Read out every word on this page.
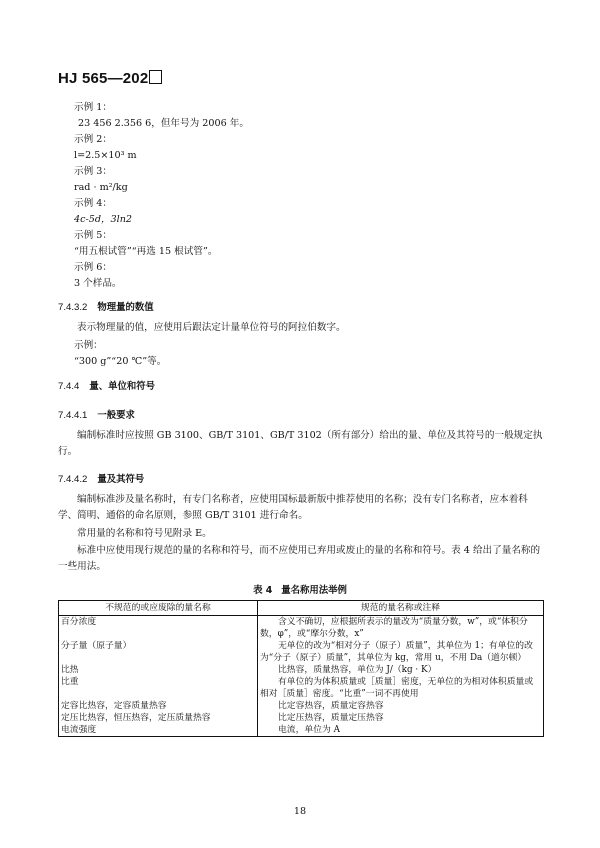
HJ 565—202
示例 1：
23 456 2.356 6，但年号为 2006 年。
示例 2：
l=2.5×10³ m
示例 3：
rad · m²/kg
示例 4：
4c-5d，3ln2
示例 5：
“用五根试管”“再选 15 根试管”。
示例 6：
3 个样品。
7.4.3.2 物理量的数值
表示物理量的值，应使用后跟法定计量单位符号的阿拉伯数字。
示例：
“300 g”“20 ℃”等。
7.4.4 量、单位和符号
7.4.4.1 一般要求
编制标准时应按照 GB 3100、GB/T 3101、GB/T 3102（所有部分）给出的量、单位及其符号的一般规定执行。
7.4.4.2 量及其符号
编制标准涉及量名称时，有专门名称者，应使用国标最新版中推荐使用的名称；没有专门名称者，应本着科学、简明、通俗的命名原则，参照 GB/T 3101 进行命名。
常用量的名称和符号见附录 E。
标准中应使用现行规范的量的名称和符号，而不应使用已弃用或废止的量的名称和符号。表 4 给出了量名称的一些用法。
表 4 量名称用法举例
不规范的或应废除的量名称	规范的量名称或注释
百分浓度	含义不确切，应根据所表示的量改为“质量分数，w”，或“体积分数，φ”，或“摩尔分数，x”
分子量（原子量）	无单位的改为“相对分子（原子）质量”，其单位为 1；有单位的改为“分子（原子）质量”，其单位为 kg，常用 u，不用 Da（道尔顿）
比热	比热容，质量热容，单位为 J/（kg · K）
比重	有单位的为体积质量或［质量］密度，无单位的为相对体积质量或相对［质量］密度。“比重”一词不再使用
定容比热容，定容质量热容	比定容热容，质量定容热容
定压比热容，恒压热容，定压质量热容	比定压热容，质量定压热容
电流强度	电流，单位为 A
18
